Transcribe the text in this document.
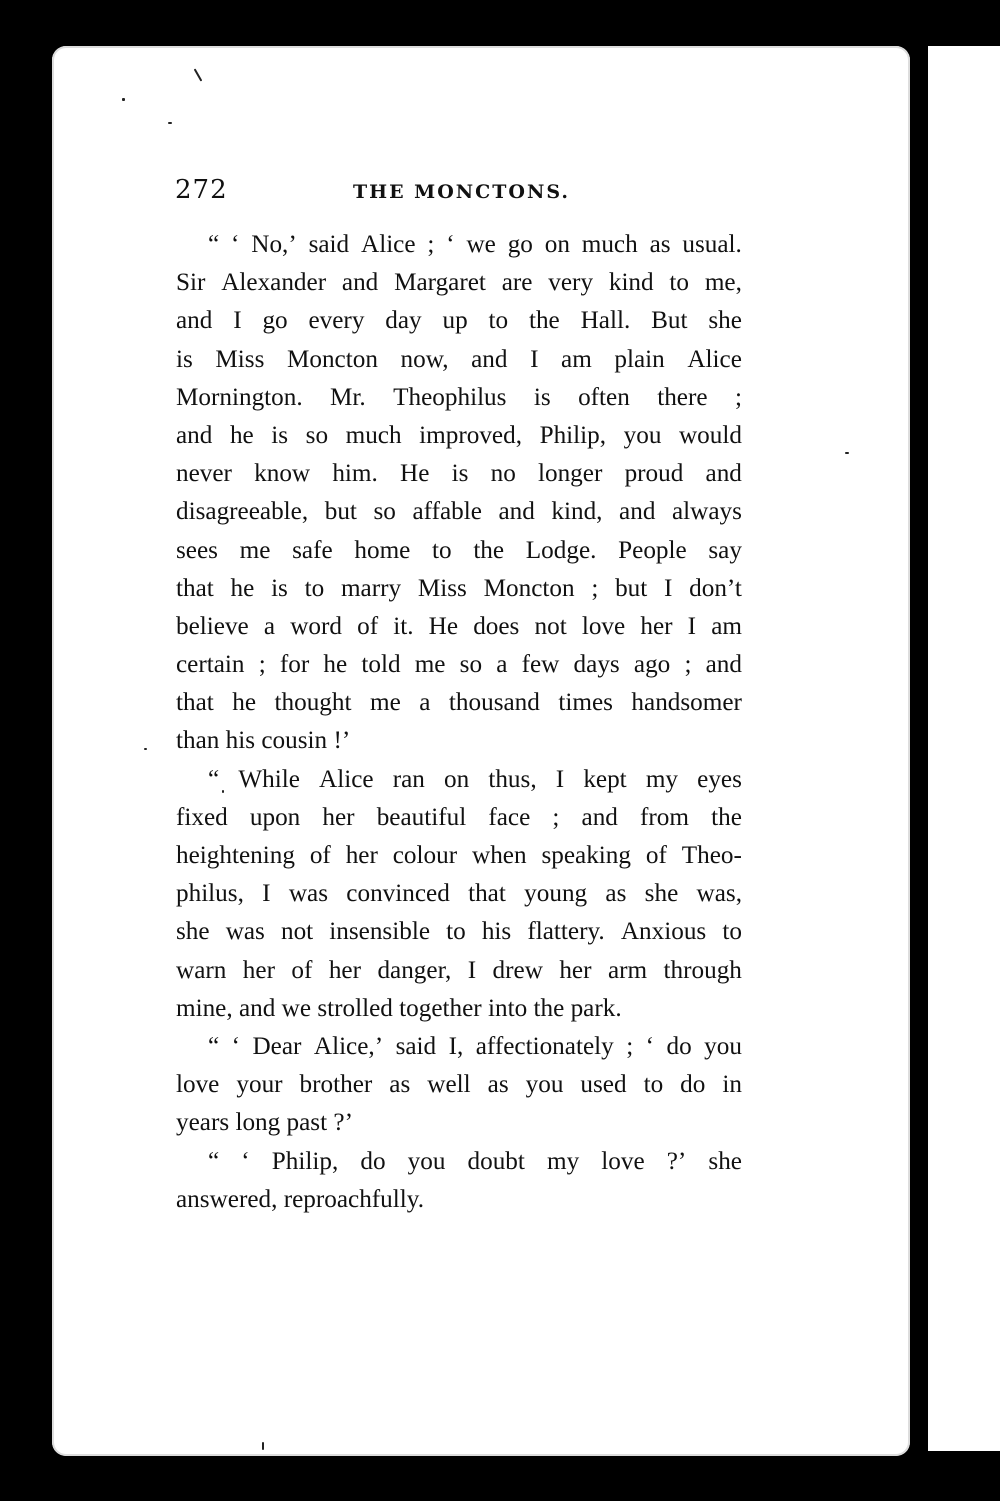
272	THE MONCTONS.
“ ‘ No,’ said Alice ; ‘ we go on much as usual.
Sir Alexander and Margaret are very kind to me,
and I go every day up to the Hall. But she
is Miss Moncton now, and I am plain Alice
Mornington. Mr. Theophilus is often there ;
and he is so much improved, Philip, you would
never know him. He is no longer proud and
disagreeable, but so affable and kind, and always
sees me safe home to the Lodge. People say
that he is to marry Miss Moncton ; but I don’t
believe a word of it. He does not love her I am
certain ; for he told me so a few days ago ; and
that he thought me a thousand times handsomer
than his cousin !’
“ While Alice ran on thus, I kept my eyes
fixed upon her beautiful face ; and from the
heightening of her colour when speaking of Theo-
philus, I was convinced that young as she was,
she was not insensible to his flattery. Anxious to
warn her of her danger, I drew her arm through
mine, and we strolled together into the park.
“ ‘ Dear Alice,’ said I, affectionately ; ‘ do you
love your brother as well as you used to do in
years long past ?’
“ ‘ Philip, do you doubt my love ?’ she
answered, reproachfully.
